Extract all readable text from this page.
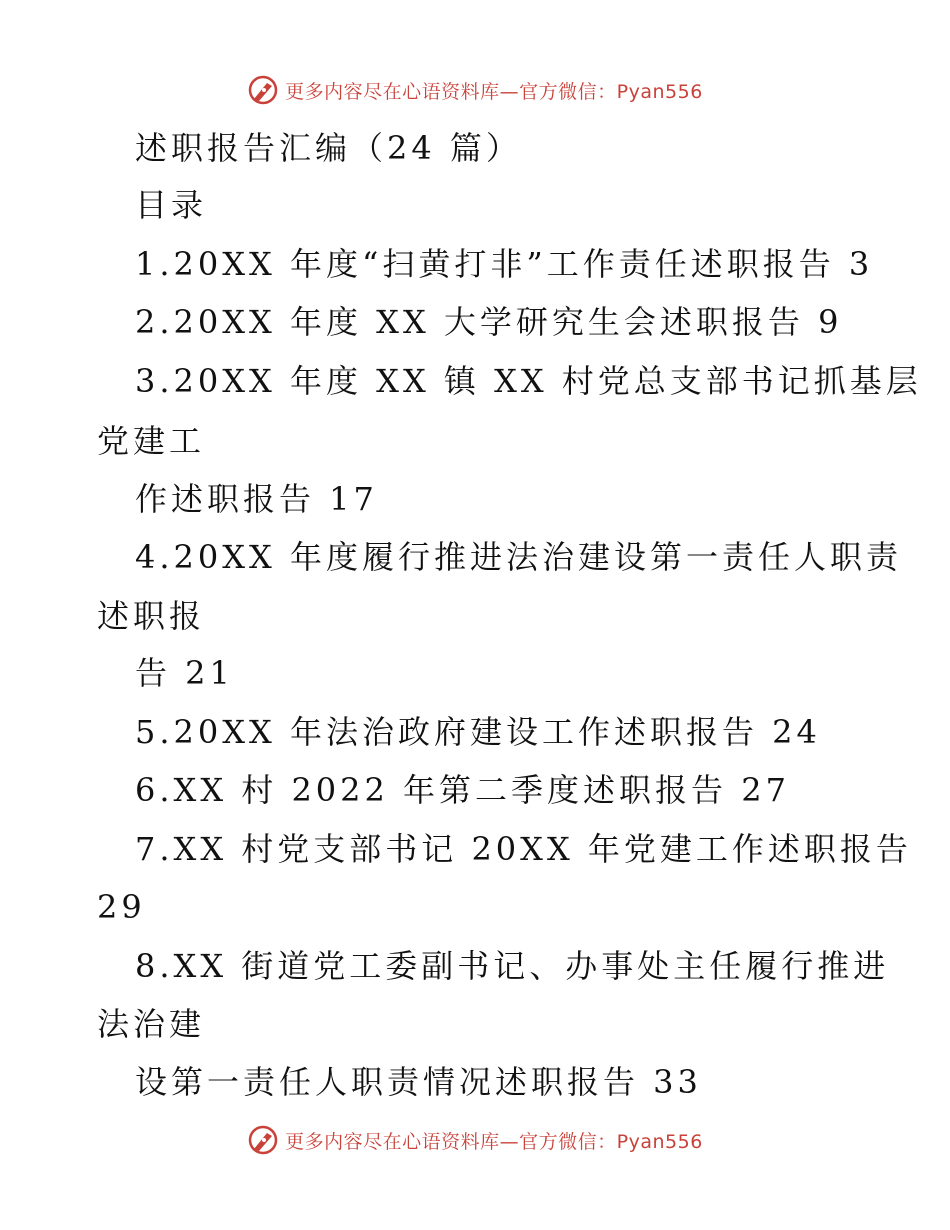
更多内容尽在心语资料库—官方微信：Pyan556
述职报告汇编（24 篇）
目录
1.20XX 年度“扫黄打非”工作责任述职报告 3
2.20XX 年度 XX 大学研究生会述职报告 9
3.20XX 年度 XX 镇 XX 村党总支部书记抓基层
党建工
作述职报告 17
4.20XX 年度履行推进法治建设第一责任人职责
述职报
告 21
5.20XX 年法治政府建设工作述职报告 24
6.XX 村 2022 年第二季度述职报告 27
7.XX 村党支部书记 20XX 年党建工作述职报告
29
8.XX 街道党工委副书记、办事处主任履行推进
法治建
设第一责任人职责情况述职报告 33
更多内容尽在心语资料库—官方微信：Pyan556
